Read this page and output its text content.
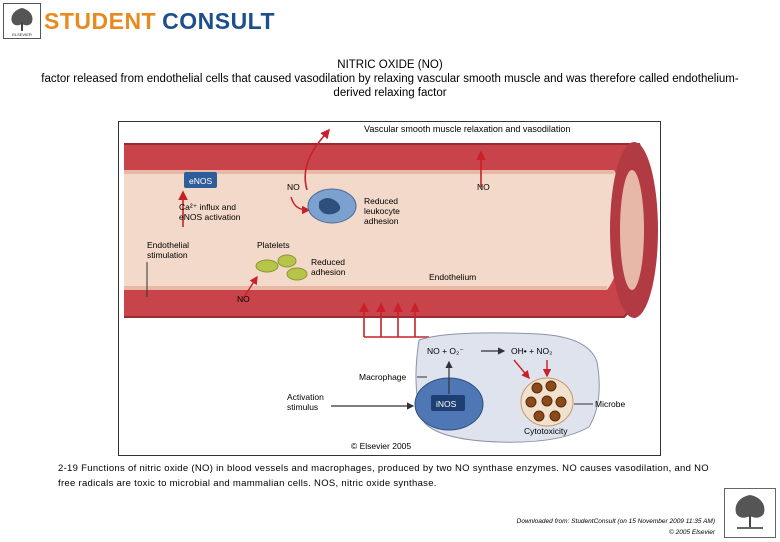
ELSEVIER
STUDENT CONSULT
NITRIC OXIDE (NO)
factor released from endothelial cells that caused vasodilation by relaxing vascular smooth muscle and was therefore called endothelium-derived relaxing factor
Vascular smooth muscle relaxation and vasodilation
eNOS
NO	NO
Ca²⁺ influx and
eNOS activation
Reduced
leukocyte
adhesion
Endothelial
stimulation
Platelets
Reduced
adhesion
NO
Endothelium
NO + O₂⁻	OH• + NO₂
Macrophage
iNOS
Activation
stimulus	Microbe
Cytotoxicity
© Elsevier 2005
2-19 Functions of nitric oxide (NO) in blood vessels and macrophages, produced by two NO synthase enzymes. NO causes vasodilation, and NO free radicals are toxic to microbial and mammalian cells. NOS, nitric oxide synthase.
Downloaded from: StudentConsult (on 15 November 2009 11:35 AM)
© 2005 Elsevier
